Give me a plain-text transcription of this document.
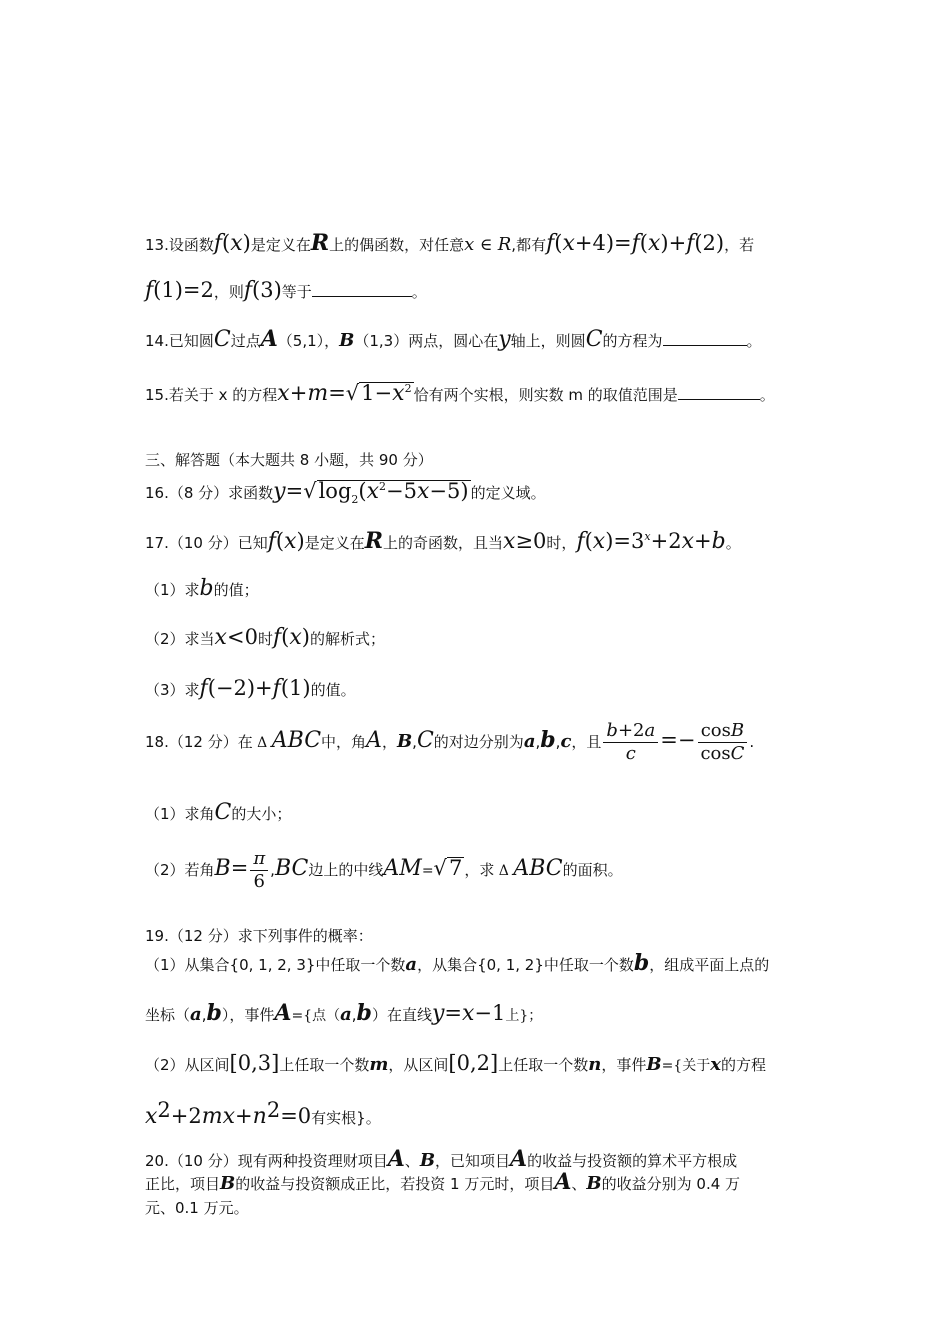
13.设函数f(x)是定义在R上的偶函数，对任意x ∈ R,都有f(x+4)=f(x)+f(2)，若
f(1)=2，则f(3)等于	。
14.已知圆C过点A（5,1），B（1,3）两点，圆心在y轴上，则圆C的方程为	。
15.若关于 x 的方程$x+m=√1-x^2$ 恰有两个实根，则实数 m 的取值范围是	。
三、解答题（本大题共 8 小题，共 90 分）
16.（8 分）求函数$y=√\log_2(x^2-5x-5)$ 的定义域。
17.（10 分）已知f(x)是定义在R上的奇函数，且当x≥0时，$f(x)=3^x+2x+b$。
（1）求b的值；
（2）求当x<0时f(x)的解析式；
（3）求f(−2)+f(1)的值。
18.（12 分）在 Δ ABC中，角A，B,C的对边分别为a,b,c，且 $\frac{b+2a}{c} =- \frac{\cos B}{\cos C}$ .
（1）求角C的大小；
（2）若角$B= \frac{\pi}{6} ,BC$边上的中线AM=√7 ，求 Δ ABC的面积。
19.（12 分）求下列事件的概率：
（1）从集合{0, 1, 2, 3}中任取一个数a，从集合{0, 1, 2}中任取一个数b，组成平面上点的
坐标（a,b），事件A={点（a,b）在直线y=x−1上}；
（2）从区间[0,3]上任取一个数m，从区间[0,2]上任取一个数n，事件B={关于x的方程
$x^2+2mx+n^2=0$有实根}。
20.（10 分）现有两种投资理财项目A、B，已知项目A的收益与投资额的算术平方根成
正比，项目B的收益与投资额成正比，若投资 1 万元时，项目A、B的收益分别为 0.4 万
元、0.1 万元。
